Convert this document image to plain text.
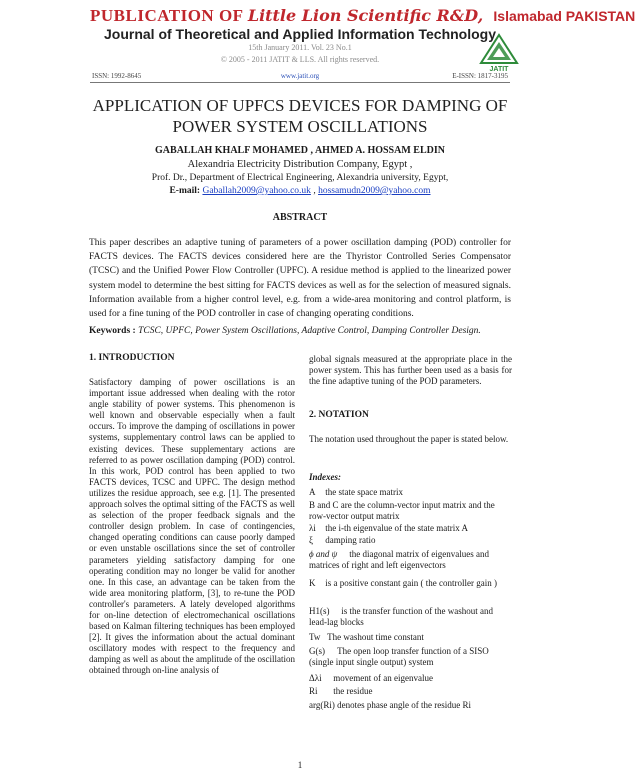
PUBLICATION OF Little Lion Scientific R&D, Islamabad PAKISTAN
Journal of Theoretical and Applied Information Technology
15th January 2011. Vol. 23 No.1
© 2005 - 2011 JATIT & LLS. All rights reserved.
JATIT
ISSN: 1992-8645	www.jatit.org	E-ISSN: 1817-3195
APPLICATION OF UPFCS DEVICES FOR DAMPING OF
POWER SYSTEM OSCILLATIONS
GABALLAH KHALF MOHAMED , AHMED A. HOSSAM ELDIN
Alexandria Electricity Distribution Company, Egypt ,
Prof. Dr., Department of Electrical Engineering, Alexandria university, Egypt,
E-mail: Gaballah2009@yahoo.co.uk , hossamudn2009@yahoo.com
ABSTRACT
This paper describes an adaptive tuning of parameters of a power oscillation damping (POD) controller for FACTS devices. The FACTS devices considered here are the Thyristor Controlled Series Compensator (TCSC) and the Unified Power Flow Controller (UPFC). A residue method is applied to the linearized power system model to determine the best sitting for FACTS devices as well as for the selection of measured signals. Information available from a higher control level, e.g. from a wide-area monitoring and control platform, is used for a fine tuning of the POD controller in case of changing operating conditions.
Keywords : TCSC, UPFC, Power System Oscillations, Adaptive Control, Damping Controller Design.
1. INTRODUCTION
Satisfactory damping of power oscillations is an important issue addressed when dealing with the rotor angle stability of power systems. This phenomenon is well known and observable especially when a fault occurs. To improve the damping of oscillations in power systems, supplementary control laws can be applied to existing devices. These supplementary actions are referred to as power oscillation damping (POD) control. In this work, POD control has been applied to two FACTS devices, TCSC and UPFC. The design method utilizes the residue approach, see e.g. [1]. The presented approach solves the optimal sitting of the FACTS as well as selection of the proper feedback signals and the controller design problem. In case of contingencies, changed operating conditions can cause poorly damped or even unstable oscillations since the set of controller parameters yielding satisfactory damping for one operating condition may no longer be valid for another one. In this case, an advantage can be taken from the wide area monitoring platform, [3], to re-tune the POD controller's parameters. A lately developed algorithms for on-line detection of electromechanical oscillations based on Kalman filtering techniques has been employed [2]. It gives the information about the actual dominant oscillatory modes with respect to the frequency and damping as well as about the amplitude of the oscillation obtained through on-line analysis of
global signals measured at the appropriate place in the power system. This has further been used as a basis for the fine adaptive tuning of the POD parameters.
2. NOTATION
The notation used throughout the paper is stated below.
Indexes:
A the state space matrix
B and C are the column-vector input matrix and the row-vector output matrix
λi the i-th eigenvalue of the state matrix A
ξ damping ratio
ϕ and ψ the diagonal matrix of eigenvalues and matrices of right and left eigenvectors
K is a positive constant gain ( the controller gain )
H1(s) is the transfer function of the washout and lead-lag blocks
Tw The washout time constant
G(s) The open loop transfer function of a SISO (single input single output) system
Δλi movement of an eigenvalue
Ri the residue
arg(Ri) denotes phase angle of the residue Ri
1
